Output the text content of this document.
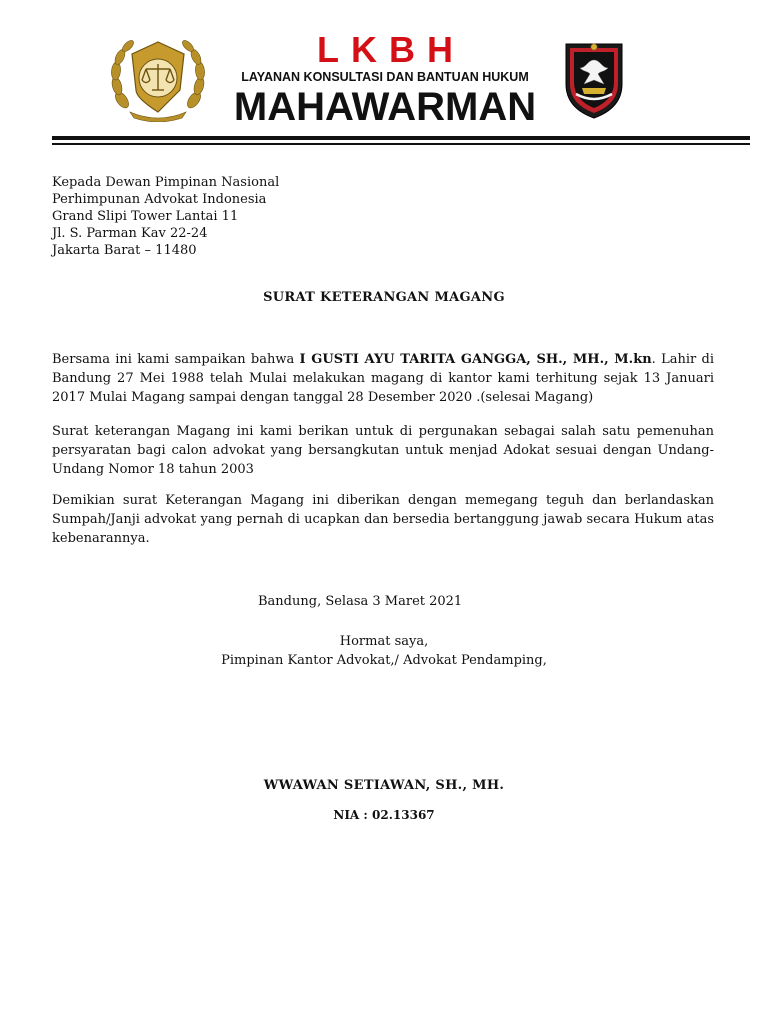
LKBH
LAYANAN KONSULTASI DAN BANTUAN HUKUM
MAHAWARMAN
Kepada Dewan Pimpinan Nasional
Perhimpunan Advokat Indonesia
Grand Slipi Tower Lantai 11
Jl. S. Parman Kav 22-24
Jakarta Barat – 11480
SURAT KETERANGAN MAGANG

Bersama ini kami sampaikan bahwa I GUSTI AYU TARITA GANGGA, SH., MH., M.kn. Lahir di Bandung 27 Mei 1988 telah Mulai melakukan magang di kantor kami terhitung sejak 13 Januari 2017 Mulai Magang sampai dengan tanggal 28 Desember 2020 .(selesai Magang)

Surat keterangan Magang ini kami berikan untuk di pergunakan sebagai salah satu pemenuhan persyaratan bagi calon advokat yang bersangkutan untuk menjad Adokat sesuai dengan Undang-Undang Nomor 18 tahun 2003

Demikian surat Keterangan Magang ini diberikan dengan memegang teguh dan berlandaskan Sumpah/Janji advokat yang pernah di ucapkan dan bersedia bertanggung jawab secara Hukum atas kebenarannya.

Bandung, Selasa 3 Maret 2021
Hormat saya,
Pimpinan Kantor Advokat,/ Advokat Pendamping,
WWAWAN SETIAWAN, SH., MH.
NIA : 02.13367
